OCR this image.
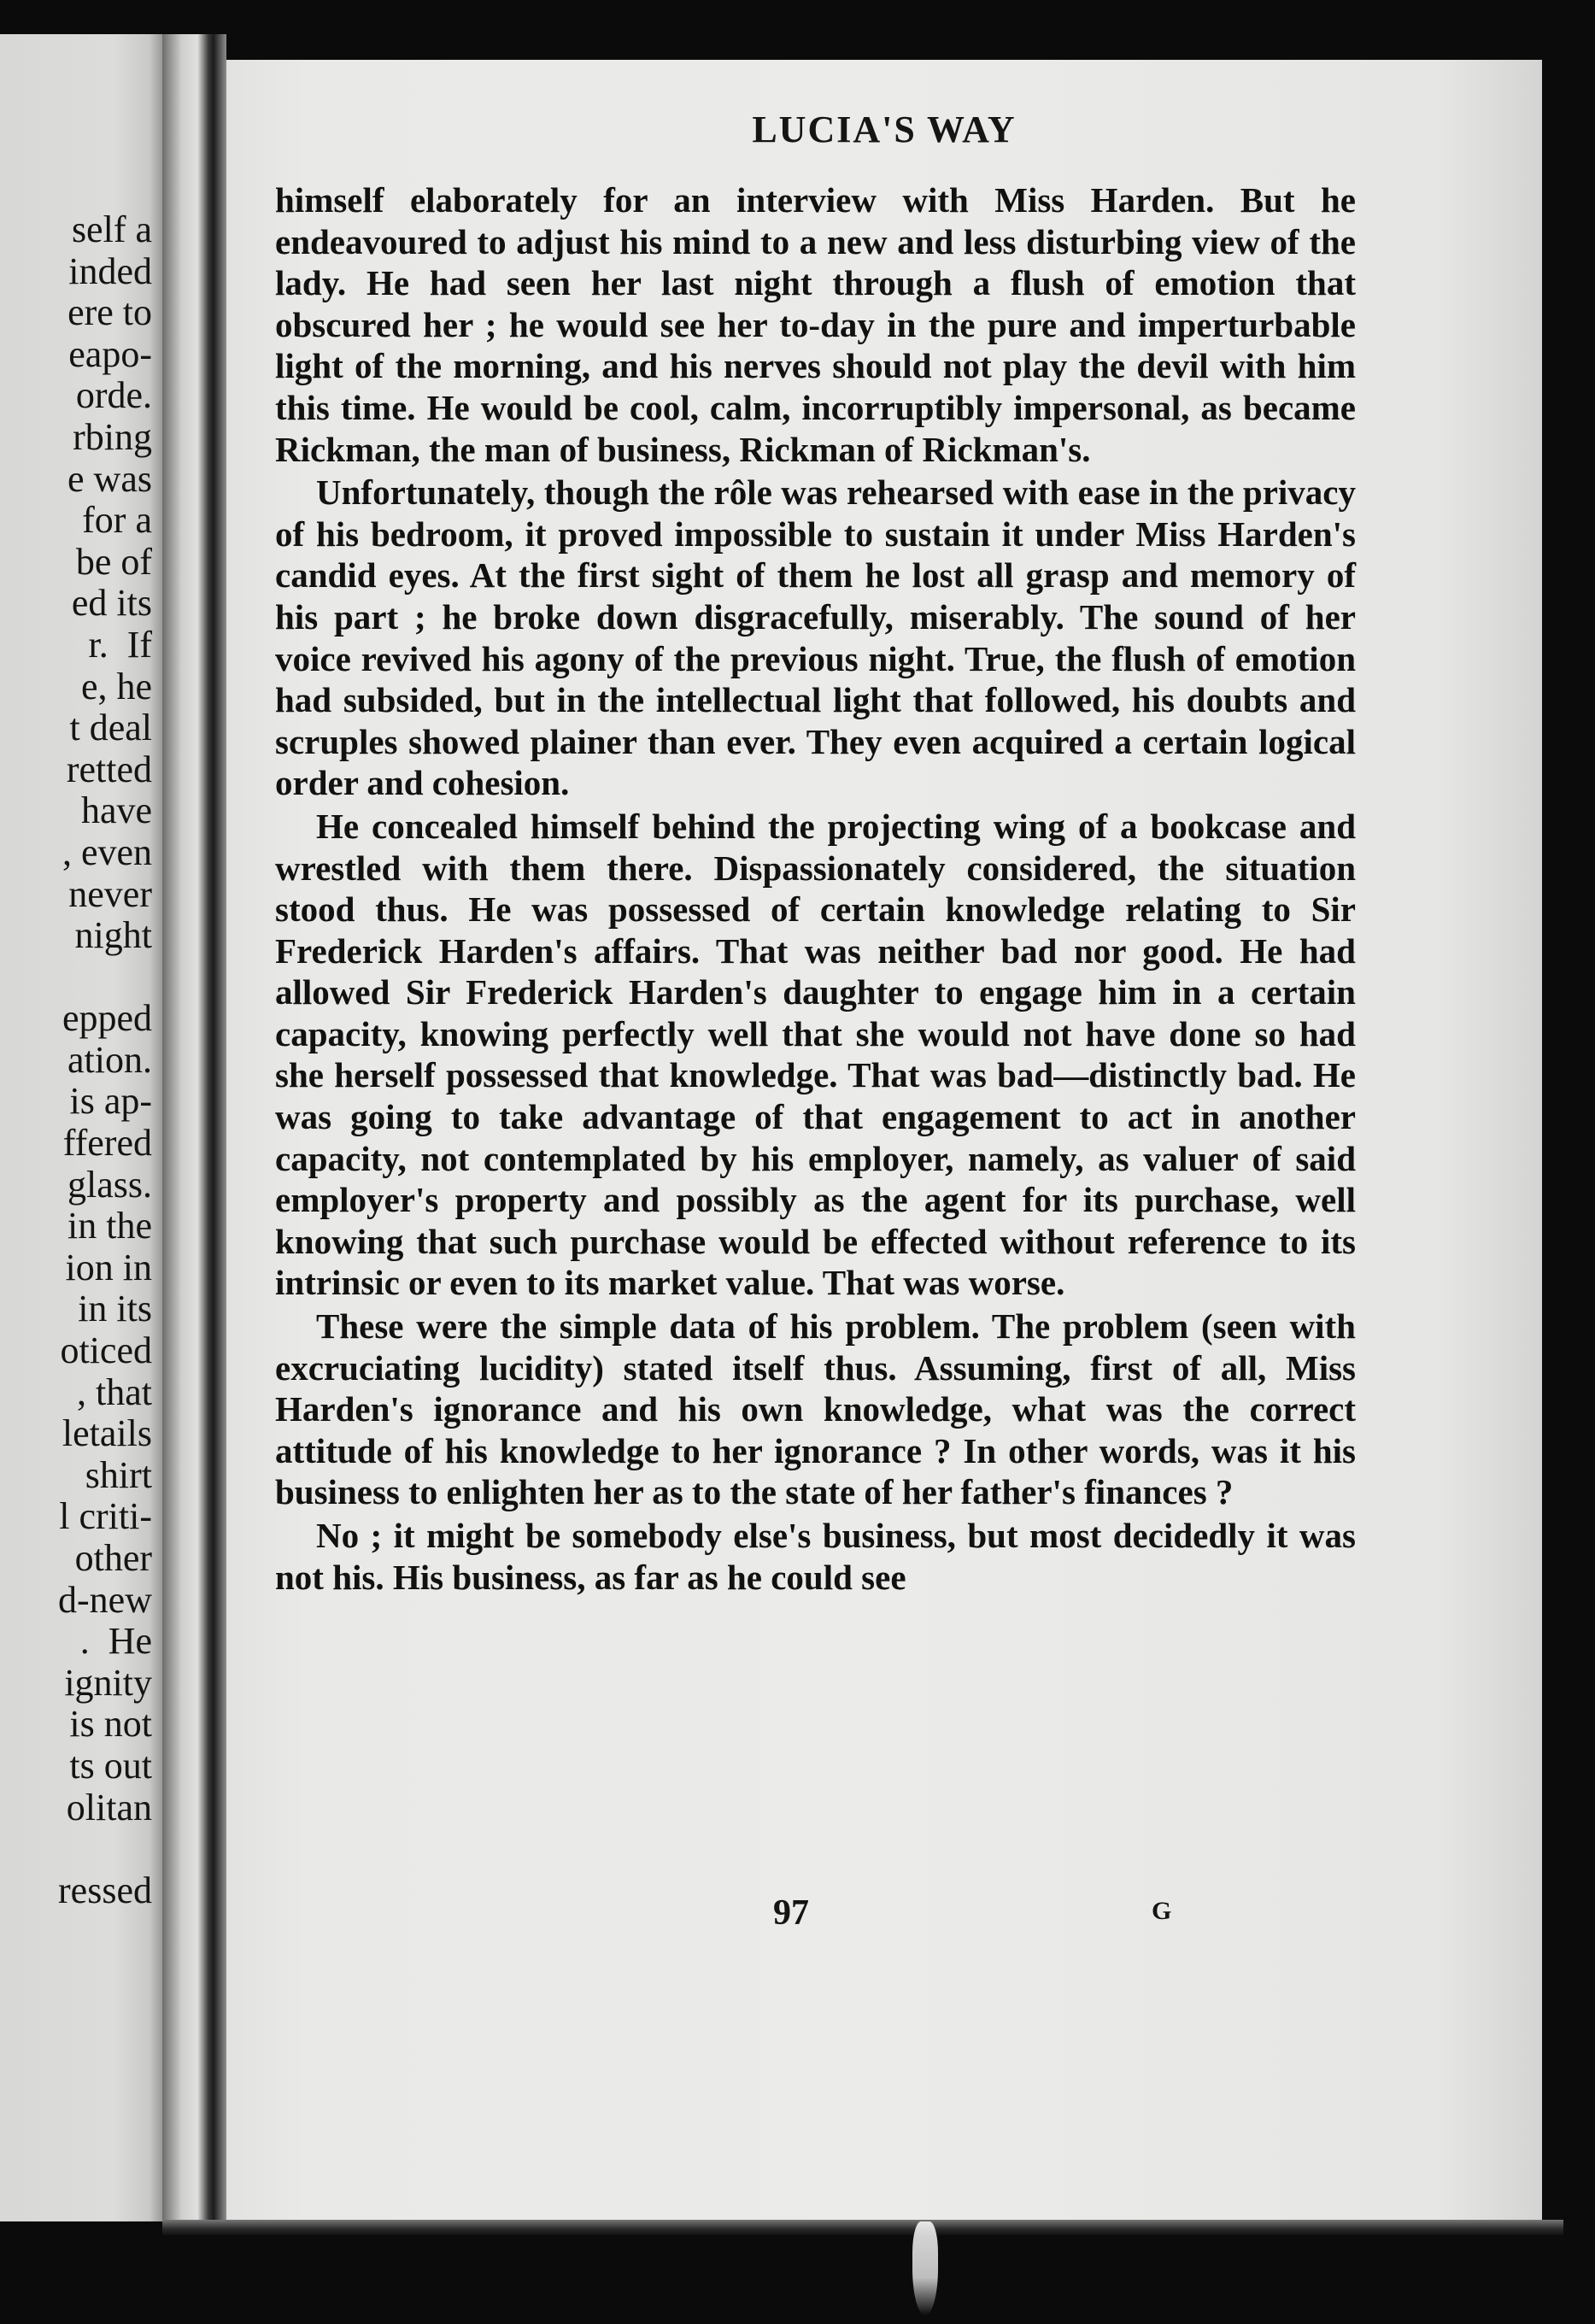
self a
inded
ere to
eapo-
orde.
rbing
e was
for a
be of
ed its
r.  If
e, he
t deal
retted
have
, even
never
night
epped
ation.
is ap-
ffered
glass.
in the
ion in
in its
oticed
, that
letails
shirt
l criti-
other
d-new
.  He
ignity
is not
ts out
olitan
ressed
LUCIA'S WAY

himself elaborately for an interview with Miss Harden. But he endeavoured to adjust his mind to a new and less disturbing view of the lady. He had seen her last night through a flush of emotion that obscured her ; he would see her to-day in the pure and imperturbable light of the morning, and his nerves should not play the devil with him this time. He would be cool, calm, incorruptibly impersonal, as became Rickman, the man of business, Rickman of Rickman's.

Unfortunately, though the rôle was rehearsed with ease in the privacy of his bedroom, it proved impossible to sustain it under Miss Harden's candid eyes. At the first sight of them he lost all grasp and memory of his part ; he broke down disgracefully, miserably. The sound of her voice revived his agony of the previous night. True, the flush of emotion had subsided, but in the intellectual light that followed, his doubts and scruples showed plainer than ever. They even acquired a certain logical order and cohesion.

He concealed himself behind the projecting wing of a bookcase and wrestled with them there. Dispassionately considered, the situation stood thus. He was possessed of certain knowledge relating to Sir Frederick Harden's affairs. That was neither bad nor good. He had allowed Sir Frederick Harden's daughter to engage him in a certain capacity, knowing perfectly well that she would not have done so had she herself possessed that knowledge. That was bad—distinctly bad. He was going to take advantage of that engagement to act in another capacity, not contemplated by his employer, namely, as valuer of said employer's property and possibly as the agent for its purchase, well knowing that such purchase would be effected without reference to its intrinsic or even to its market value. That was worse.

These were the simple data of his problem. The problem (seen with excruciating lucidity) stated itself thus. Assuming, first of all, Miss Harden's ignorance and his own knowledge, what was the correct attitude of his knowledge to her ignorance ? In other words, was it his business to enlighten her as to the state of her father's finances ?

No ; it might be somebody else's business, but most decidedly it was not his. His business, as far as he could see

97	G
